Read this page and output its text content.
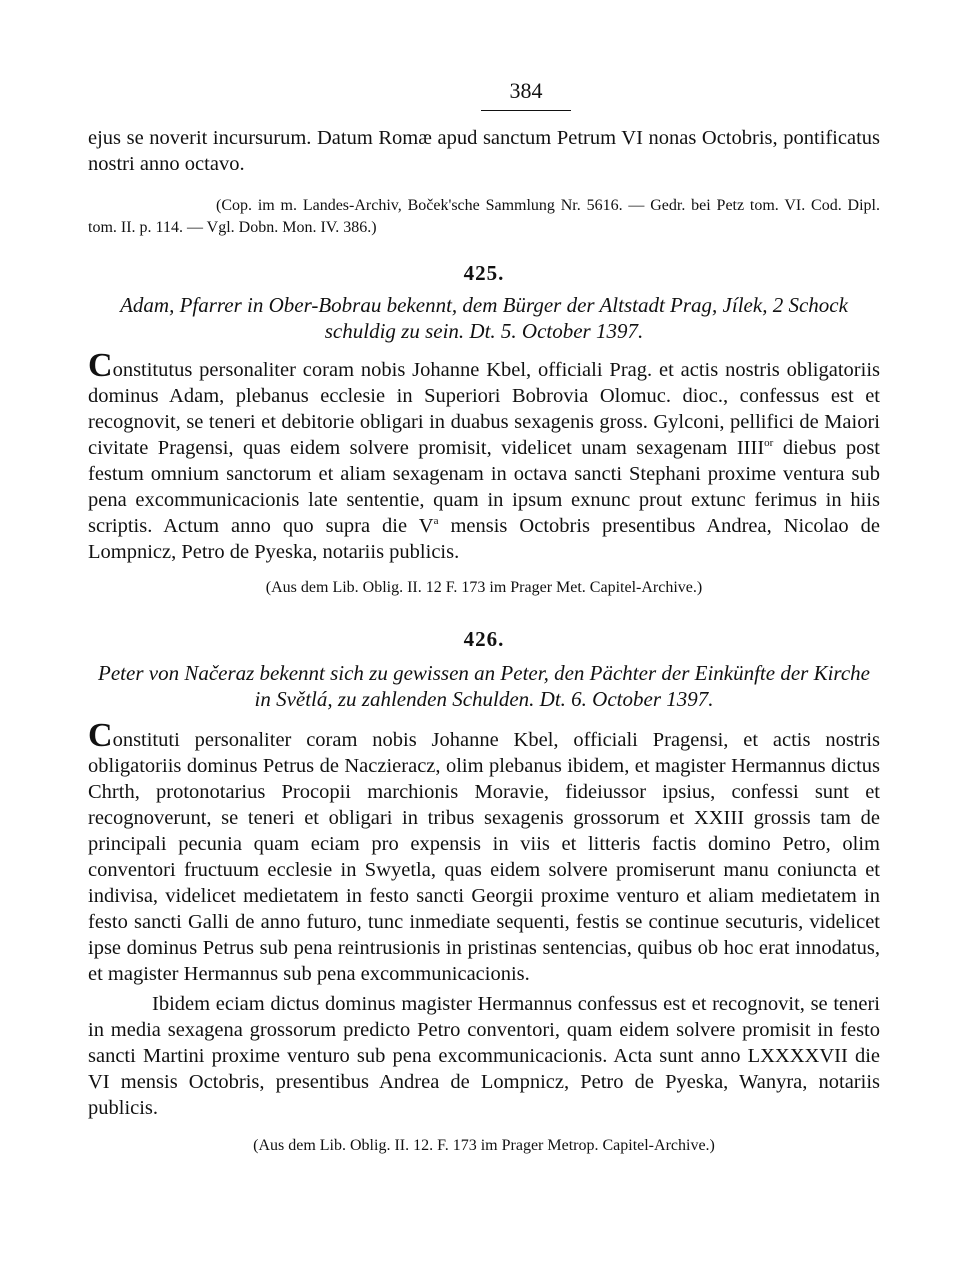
384

ejus se noverit incursurum. Datum Romæ apud sanctum Petrum VI nonas Octobris, pontificatus nostri anno octavo.

(Cop. im m. Landes-Archiv, Boček'sche Sammlung Nr. 5616. — Gedr. bei Petz tom. VI. Cod. Dipl. tom. II. p. 114. — Vgl. Dobn. Mon. IV. 386.)

425.

Adam, Pfarrer in Ober-Bobrau bekennt, dem Bürger der Altstadt Prag, Jílek, 2 Schock schuldig zu sein. Dt. 5. October 1397.

Constitutus personaliter coram nobis Johanne Kbel, officiali Prag. et actis nostris obligatoriis dominus Adam, plebanus ecclesie in Superiori Bobrovia Olomuc. dioc., confessus est et recognovit, se teneri et debitorie obligari in duabus sexagenis gross. Gylconi, pellifici de Maiori civitate Pragensi, quas eidem solvere promisit, videlicet unam sexagenam $IIII^{or}$ diebus post festum omnium sanctorum et aliam sexagenam in octava sancti Stephani proxime ventura sub pena excommunicacionis late sententie, quam in ipsum exnunc prout extunc ferimus in hiis scriptis. Actum anno quo supra die $V^a$ mensis Octobris presentibus Andrea, Nicolao de Lompnicz, Petro de Pyeska, notariis publicis.

(Aus dem Lib. Oblig. II. 12 F. 173 im Prager Met. Capitel-Archive.)

426.

Peter von Načeraz bekennt sich zu gewissen an Peter, den Pächter der Einkünfte der Kirche in Světlá, zu zahlenden Schulden. Dt. 6. October 1397.

Constituti personaliter coram nobis Johanne Kbel, officiali Pragensi, et actis nostris obligatoriis dominus Petrus de Naczieracz, olim plebanus ibidem, et magister Hermannus dictus Chrth, protonotarius Procopii marchionis Moravie, fideiussor ipsius, confessi sunt et recognoverunt, se teneri et obligari in tribus sexagenis grossorum et XXIII grossis tam de principali pecunia quam eciam pro expensis in viis et litteris factis domino Petro, olim conventori fructuum ecclesie in Swyetla, quas eidem solvere promiserunt manu coniuncta et indivisa, videlicet medietatem in festo sancti Georgii proxime venturo et aliam medietatem in festo sancti Galli de anno futuro, tunc inmediate sequenti, festis se continue secuturis, videlicet ipse dominus Petrus sub pena reintrusionis in pristinas sentencias, quibus ob hoc erat innodatus, et magister Hermannus sub pena excommunicacionis.

Ibidem eciam dictus dominus magister Hermannus confessus est et recognovit, se teneri in media sexagena grossorum predicto Petro conventori, quam eidem solvere promisit in festo sancti Martini proxime venturo sub pena excommunicacionis. Acta sunt anno LXXXXVII die VI mensis Octobris, presentibus Andrea de Lompnicz, Petro de Pyeska, Wanyra, notariis publicis.

(Aus dem Lib. Oblig. II. 12. F. 173 im Prager Metrop. Capitel-Archive.)
